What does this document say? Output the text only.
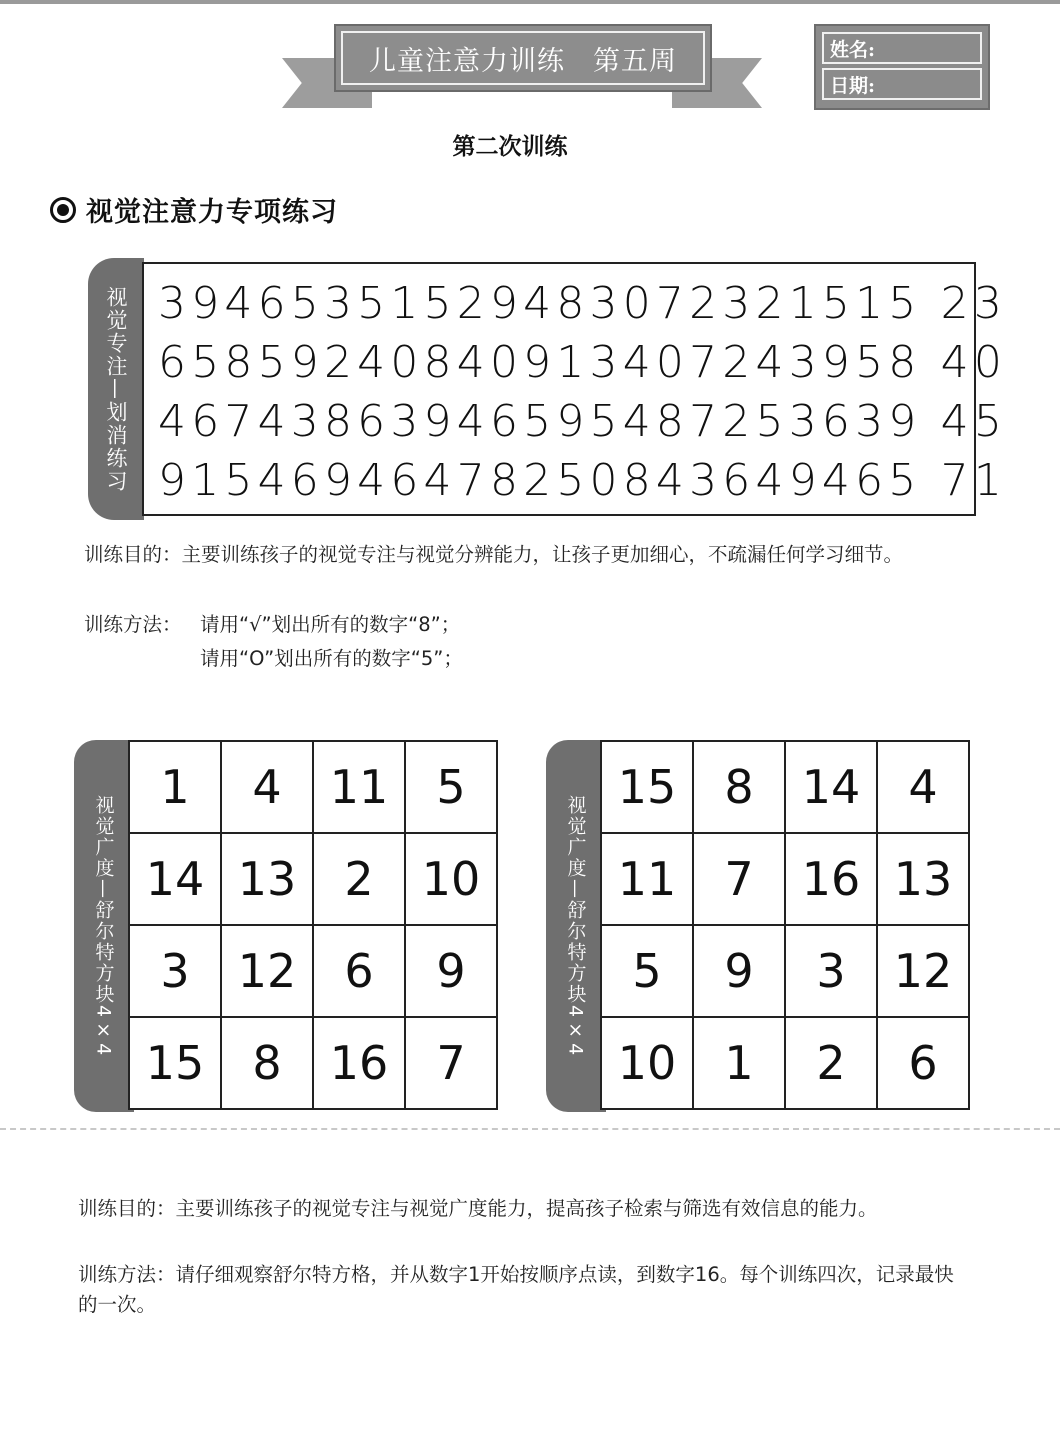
儿童注意力训练　第五周	姓名:
日期:
第二次训练
视觉注意力专项练习
视觉专注—划消练习 39465351529483072321515 23
65859240840913407243958 40
46743863946595487253639 45
91546946478250843649465 71
训练目的：主要训练孩子的视觉专注与视觉分辨能力，让孩子更加细心，不疏漏任何学习细节。
训练方法： 请用“√”划出所有的数字“8”；
请用“O”划出所有的数字“5”；
视觉广度—舒尔特方块4×4
1	4	11	5
14	13	2	10
3	12	6	9
15	8	16	7
视觉广度—舒尔特方块4×4
15	8	14	4
11	7	16	13
5	9	3	12
10	1	2	6
训练目的：主要训练孩子的视觉专注与视觉广度能力，提高孩子检索与筛选有效信息的能力。
训练方法：请仔细观察舒尔特方格，并从数字1开始按顺序点读，到数字16。每个训练四次，记录最快的一次。
